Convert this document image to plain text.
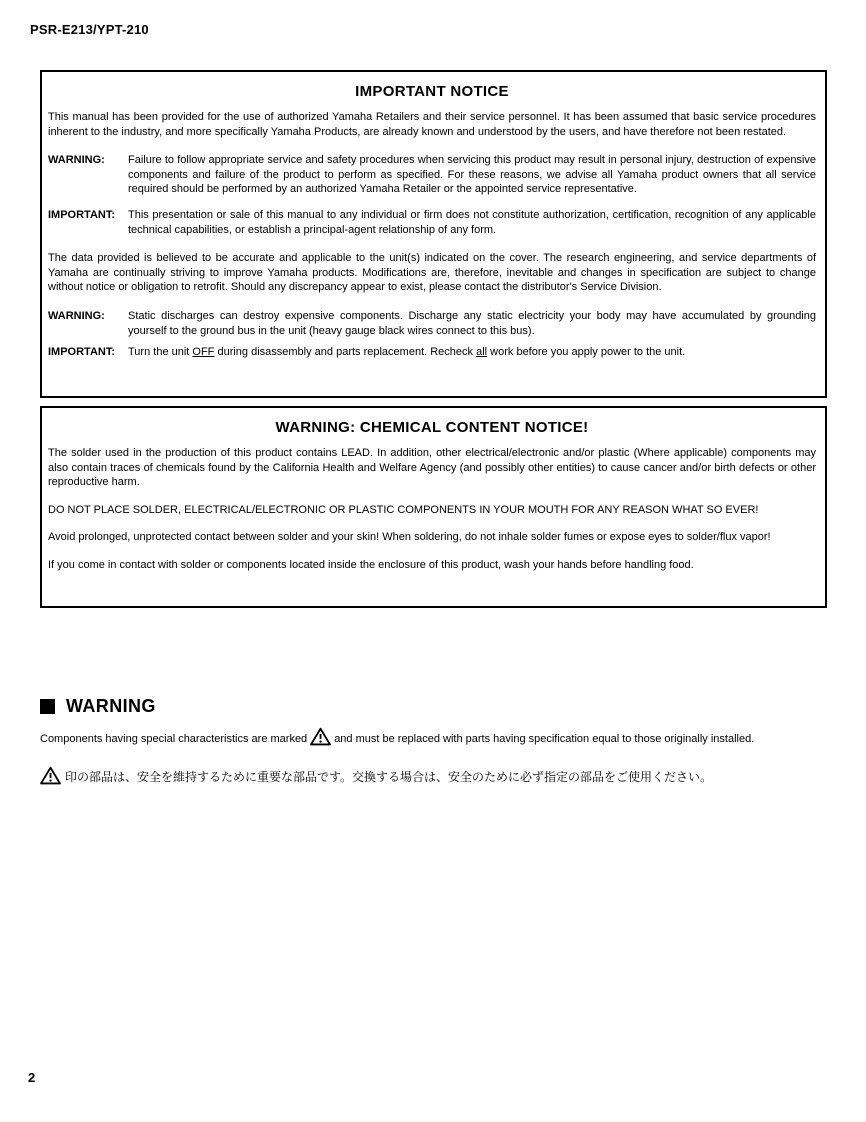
PSR-E213/YPT-210
IMPORTANT NOTICE

This manual has been provided for the use of authorized Yamaha Retailers and their service personnel. It has been assumed that basic service procedures inherent to the industry, and more specifically Yamaha Products, are already known and understood by the users, and have therefore not been restated.

WARNING:	Failure to follow appropriate service and safety procedures when servicing this product may result in personal injury, destruction of expensive components and failure of the product to perform as specified. For these reasons, we advise all Yamaha product owners that all service required should be performed by an authorized Yamaha Retailer or the appointed service representative.
IMPORTANT:	This presentation or sale of this manual to any individual or firm does not constitute authorization, certification, recognition of any applicable technical capabilities, or establish a principal-agent relationship of any form.

The data provided is believed to be accurate and applicable to the unit(s) indicated on the cover. The research engineering, and service departments of Yamaha are continually striving to improve Yamaha products. Modifications are, therefore, inevitable and changes in specification are subject to change without notice or obligation to retrofit. Should any discrepancy appear to exist, please contact the distributor's Service Division.

WARNING:	Static discharges can destroy expensive components. Discharge any static electricity your body may have accumulated by grounding yourself to the ground bus in the unit (heavy gauge black wires connect to this bus).
IMPORTANT:	Turn the unit OFF during disassembly and parts replacement. Recheck all work before you apply power to the unit.
WARNING: CHEMICAL CONTENT NOTICE!

The solder used in the production of this product contains LEAD. In addition, other electrical/electronic and/or plastic (Where applicable) components may also contain traces of chemicals found by the California Health and Welfare Agency (and possibly other entities) to cause cancer and/or birth defects or other reproductive harm.

DO NOT PLACE SOLDER, ELECTRICAL/ELECTRONIC OR PLASTIC COMPONENTS IN YOUR MOUTH FOR ANY REASON WHAT SO EVER!

Avoid prolonged, unprotected contact between solder and your skin! When soldering, do not inhale solder fumes or expose eyes to solder/flux vapor!

If you come in contact with solder or components located inside the enclosure of this product, wash your hands before handling food.

WARNING

Components having special characteristics are marked and must be replaced with parts having specification equal to those originally installed.

印の部品は、安全を維持するために重要な部品です。交換する場合は、安全のために必ず指定の部品をご使用ください。

2
